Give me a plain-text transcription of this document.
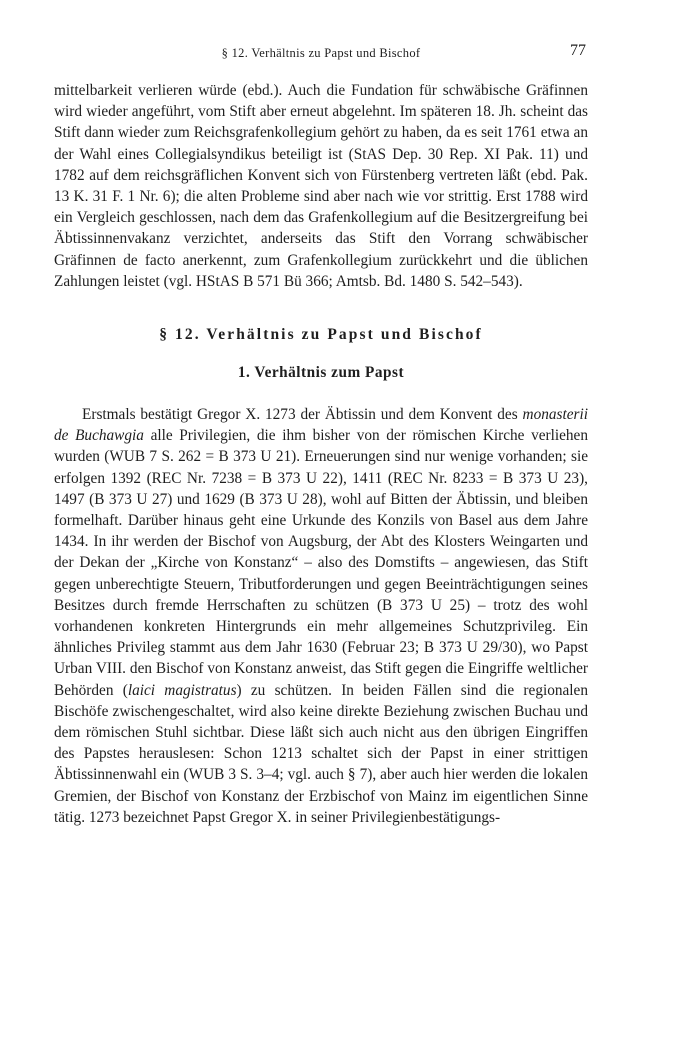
§ 12. Verhältnis zu Papst und Bischof	77

mittelbarkeit verlieren würde (ebd.). Auch die Fundation für schwäbische Gräfinnen wird wieder angeführt, vom Stift aber erneut abgelehnt. Im späteren 18. Jh. scheint das Stift dann wieder zum Reichsgrafenkollegium gehört zu haben, da es seit 1761 etwa an der Wahl eines Collegialsyndikus beteiligt ist (StAS Dep. 30 Rep. XI Pak. 11) und 1782 auf dem reichsgräflichen Konvent sich von Fürstenberg vertreten läßt (ebd. Pak. 13 K. 31 F. 1 Nr. 6); die alten Probleme sind aber nach wie vor strittig. Erst 1788 wird ein Vergleich geschlossen, nach dem das Grafenkollegium auf die Besitzergreifung bei Äbtissinnenvakanz verzichtet, anderseits das Stift den Vorrang schwäbischer Gräfinnen de facto anerkennt, zum Grafenkollegium zurückkehrt und die üblichen Zahlungen leistet (vgl. HStAS B 571 Bü 366; Amtsb. Bd. 1480 S. 542–543).

§ 12. Verhältnis zu Papst und Bischof
1. Verhältnis zum Papst

Erstmals bestätigt Gregor X. 1273 der Äbtissin und dem Konvent des monasterii de Buchawgia alle Privilegien, die ihm bisher von der römischen Kirche verliehen wurden (WUB 7 S. 262 = B 373 U 21). Erneuerungen sind nur wenige vorhanden; sie erfolgen 1392 (REC Nr. 7238 = B 373 U 22), 1411 (REC Nr. 8233 = B 373 U 23), 1497 (B 373 U 27) und 1629 (B 373 U 28), wohl auf Bitten der Äbtissin, und bleiben formelhaft. Darüber hinaus geht eine Urkunde des Konzils von Basel aus dem Jahre 1434. In ihr werden der Bischof von Augsburg, der Abt des Klosters Weingarten und der Dekan der „Kirche von Konstanz“ – also des Domstifts – angewiesen, das Stift gegen unberechtigte Steuern, Tributforderungen und gegen Beeinträchtigungen seines Besitzes durch fremde Herrschaften zu schützen (B 373 U 25) – trotz des wohl vorhandenen konkreten Hintergrunds ein mehr allgemeines Schutzprivileg. Ein ähnliches Privileg stammt aus dem Jahr 1630 (Februar 23; B 373 U 29/30), wo Papst Urban VIII. den Bischof von Konstanz anweist, das Stift gegen die Eingriffe weltlicher Behörden (laici magistratus) zu schützen. In beiden Fällen sind die regionalen Bischöfe zwischengeschaltet, wird also keine direkte Beziehung zwischen Buchau und dem römischen Stuhl sichtbar. Diese läßt sich auch nicht aus den übrigen Eingriffen des Papstes herauslesen: Schon 1213 schaltet sich der Papst in einer strittigen Äbtissinnenwahl ein (WUB 3 S. 3–4; vgl. auch § 7), aber auch hier werden die lokalen Gremien, der Bischof von Konstanz der Erzbischof von Mainz im eigentlichen Sinne tätig. 1273 bezeichnet Papst Gregor X. in seiner Privilegienbestätigungs-
